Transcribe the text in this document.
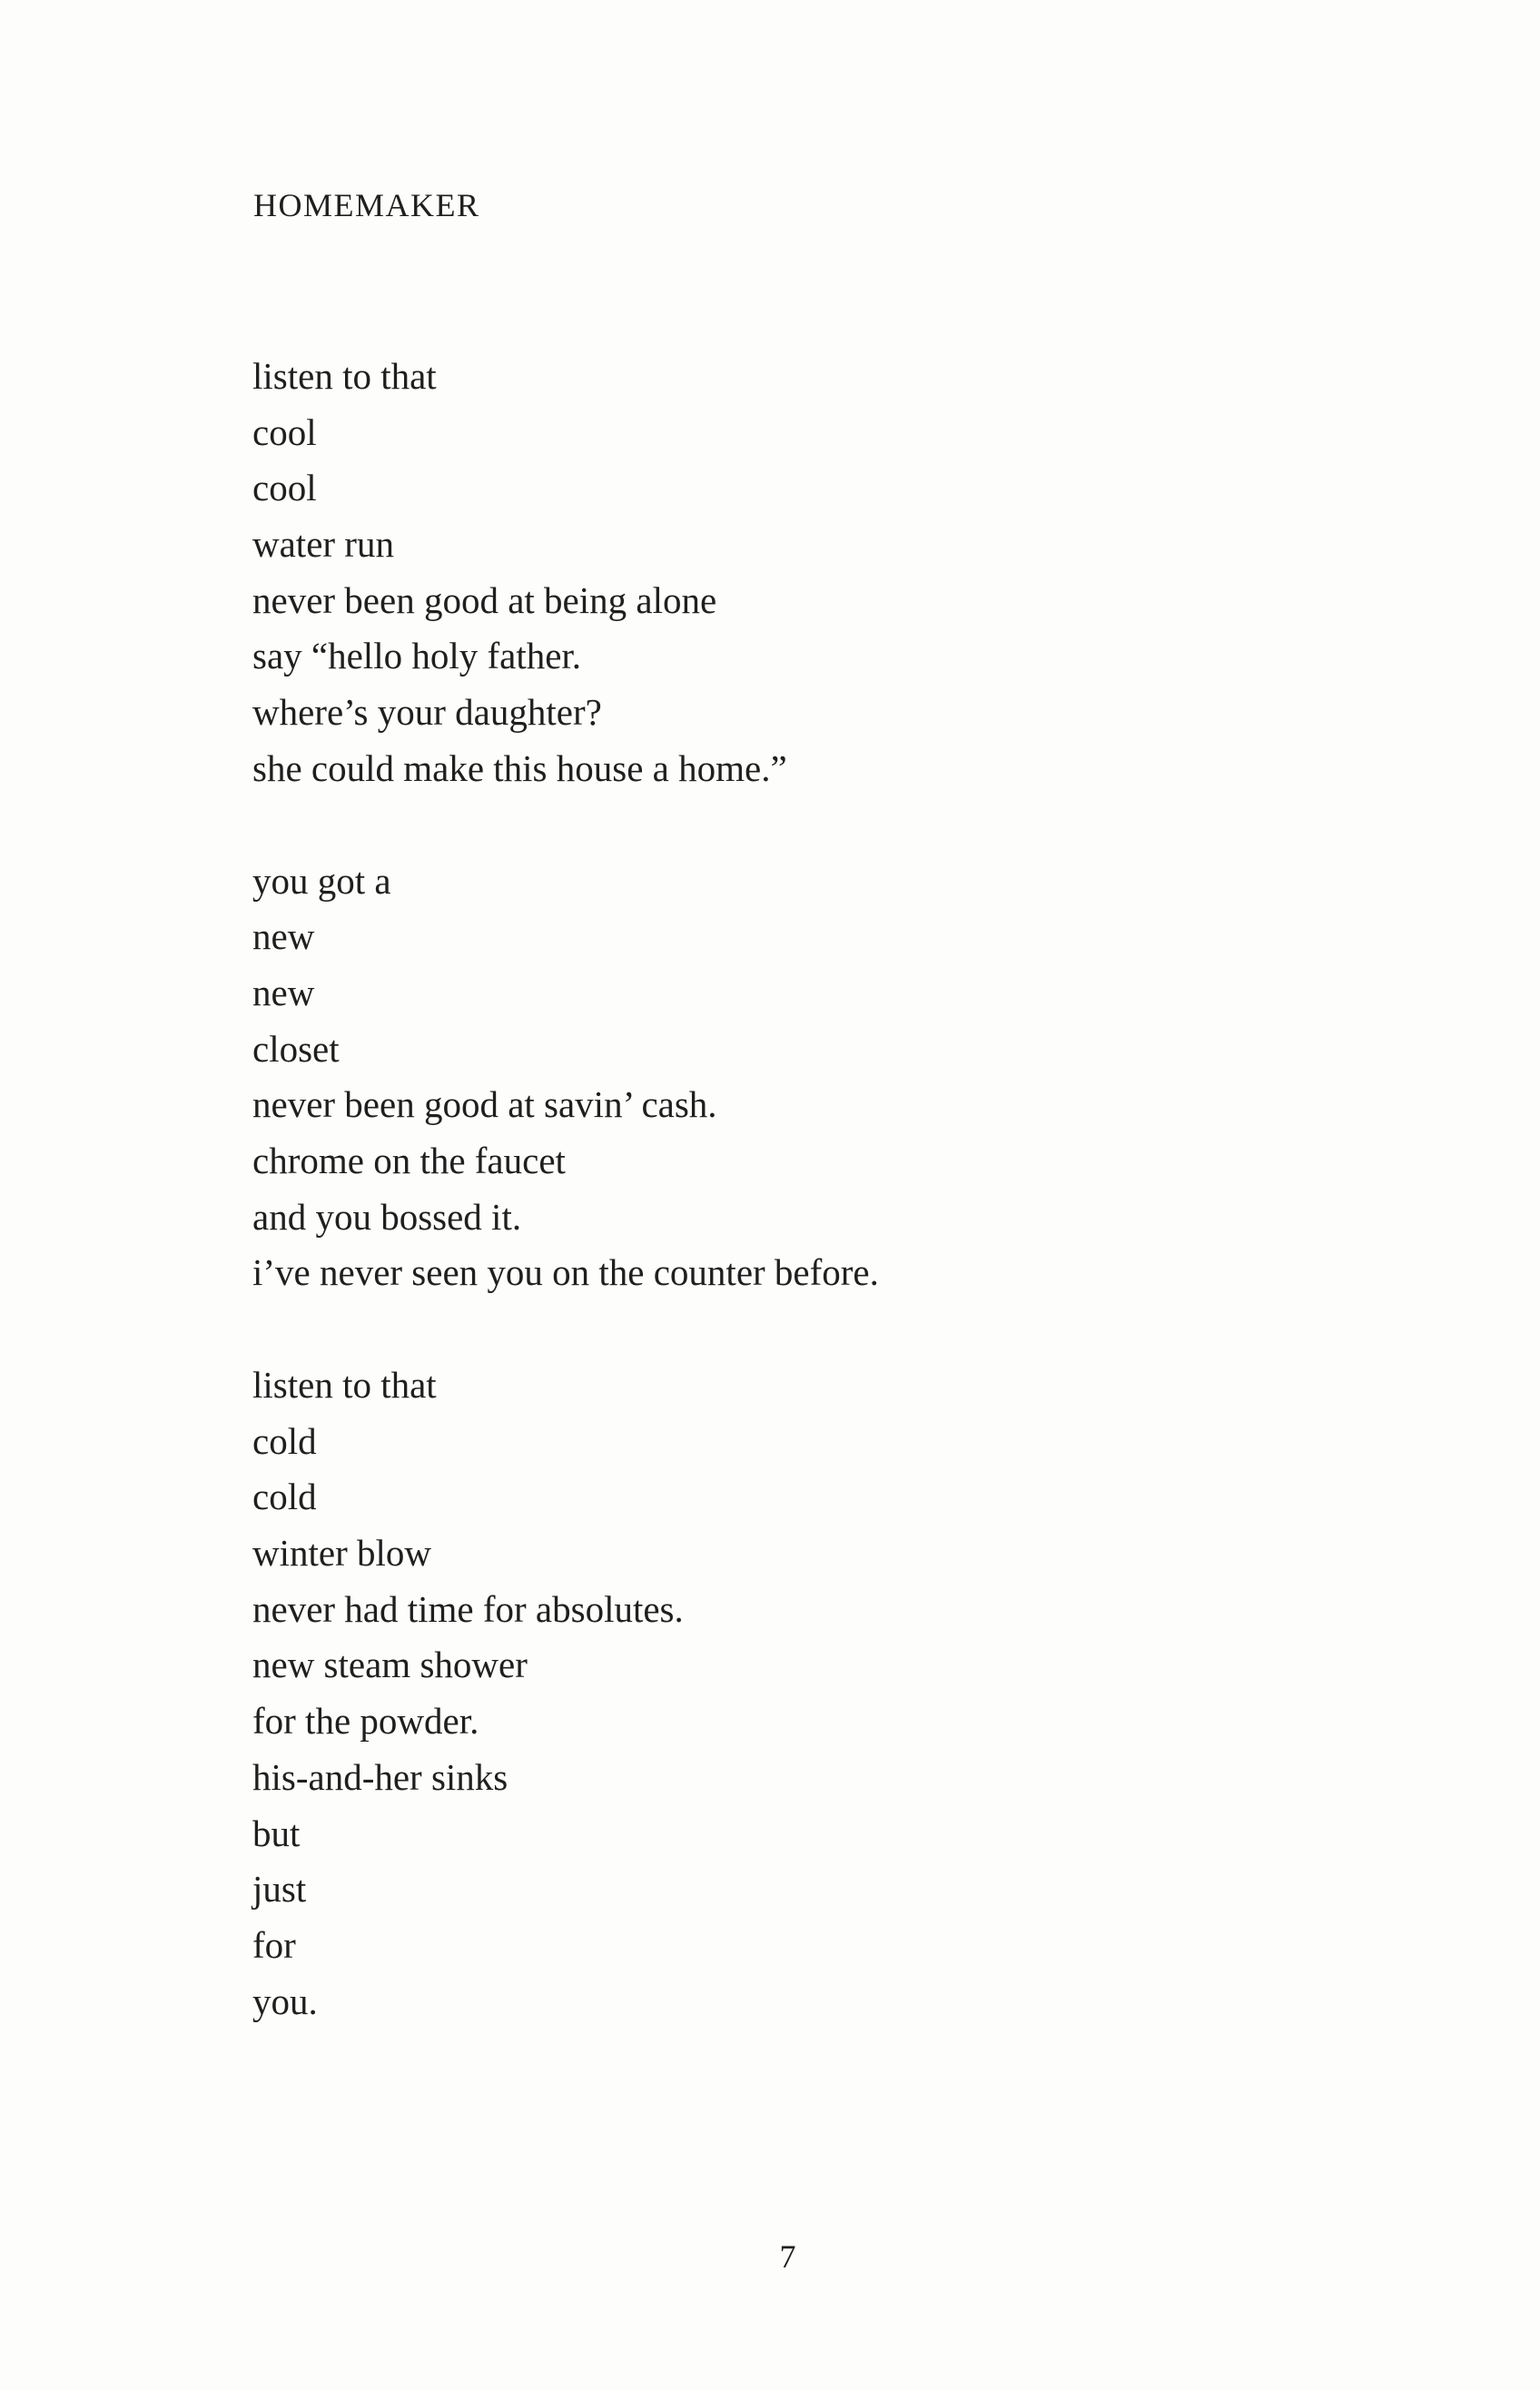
HOMEMAKER
listen to that
cool
cool
water run
never been good at being alone
say “hello holy father.
where’s your daughter?
she could make this house a home.”
you got a
new
new
closet
never been good at savin’ cash.
chrome on the faucet
and you bossed it.
i’ve never seen you on the counter before.
listen to that
cold
cold
winter blow
never had time for absolutes.
new steam shower
for the powder.
his-and-her sinks
but
just
for
you.
7
